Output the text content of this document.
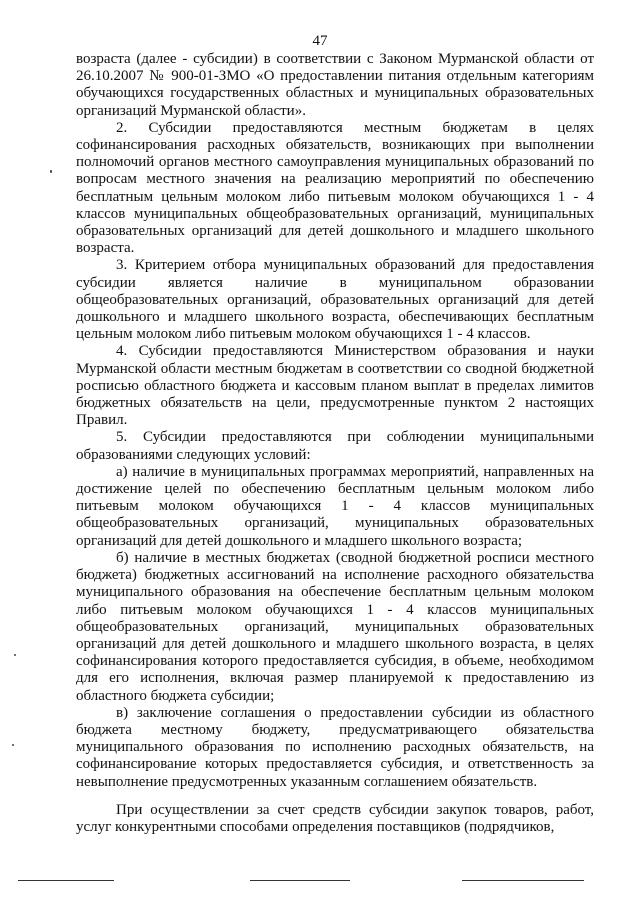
47

возраста (далее - субсидии) в соответствии с Законом Мурманской области от 26.10.2007 № 900-01-ЗМО «О предоставлении питания отдельным категориям обучающихся государственных областных и муниципальных образовательных организаций Мурманской области».

2. Субсидии предоставляются местным бюджетам в целях софинансирования расходных обязательств, возникающих при выполнении полномочий органов местного самоуправления муниципальных образований по вопросам местного значения на реализацию мероприятий по обеспечению бесплатным цельным молоком либо питьевым молоком обучающихся 1 - 4 классов муниципальных общеобразовательных организаций, муниципальных образовательных организаций для детей дошкольного и младшего школьного возраста.

3. Критерием отбора муниципальных образований для предоставления субсидии является наличие в муниципальном образовании общеобразовательных организаций, образовательных организаций для детей дошкольного и младшего школьного возраста, обеспечивающих бесплатным цельным молоком либо питьевым молоком обучающихся 1 - 4 классов.

4. Субсидии предоставляются Министерством образования и науки Мурманской области местным бюджетам в соответствии со сводной бюджетной росписью областного бюджета и кассовым планом выплат в пределах лимитов бюджетных обязательств на цели, предусмотренные пунктом 2 настоящих Правил.

5. Субсидии предоставляются при соблюдении муниципальными образованиями следующих условий:

а) наличие в муниципальных программах мероприятий, направленных на достижение целей по обеспечению бесплатным цельным молоком либо питьевым молоком обучающихся 1 - 4 классов муниципальных общеобразовательных организаций, муниципальных образовательных организаций для детей дошкольного и младшего школьного возраста;

б) наличие в местных бюджетах (сводной бюджетной росписи местного бюджета) бюджетных ассигнований на исполнение расходного обязательства муниципального образования на обеспечение бесплатным цельным молоком либо питьевым молоком обучающихся 1 - 4 классов муниципальных общеобразовательных организаций, муниципальных образовательных организаций для детей дошкольного и младшего школьного возраста, в целях софинансирования которого предоставляется субсидия, в объеме, необходимом для его исполнения, включая размер планируемой к предоставлению из областного бюджета субсидии;

в) заключение соглашения о предоставлении субсидии из областного бюджета местному бюджету, предусматривающего обязательства муниципального образования по исполнению расходных обязательств, на софинансирование которых предоставляется субсидия, и ответственность за невыполнение предусмотренных указанным соглашением обязательств.

При осуществлении за счет средств субсидии закупок товаров, работ, услуг конкурентными способами определения поставщиков (подрядчиков,
